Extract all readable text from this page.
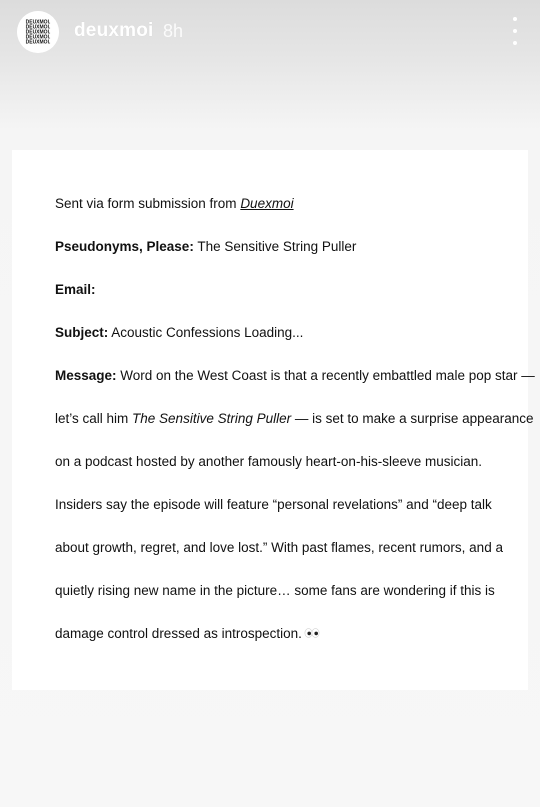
DEUXMOI.
DEUXMOI.
DEUXMOI.
DEUXMOI.
DEUXMOI.
deuxmoi 8h
Sent via form submission from Duexmoi
Pseudonyms, Please: The Sensitive String Puller
Email:
Subject: Acoustic Confessions Loading...
Message: Word on the West Coast is that a recently embattled male pop star —
let’s call him The Sensitive String Puller — is set to make a surprise appearance
on a podcast hosted by another famously heart-on-his-sleeve musician.
Insiders say the episode will feature “personal revelations” and “deep talk
about growth, regret, and love lost.” With past flames, recent rumors, and a
quietly rising new name in the picture… some fans are wondering if this is
damage control dressed as introspection.
